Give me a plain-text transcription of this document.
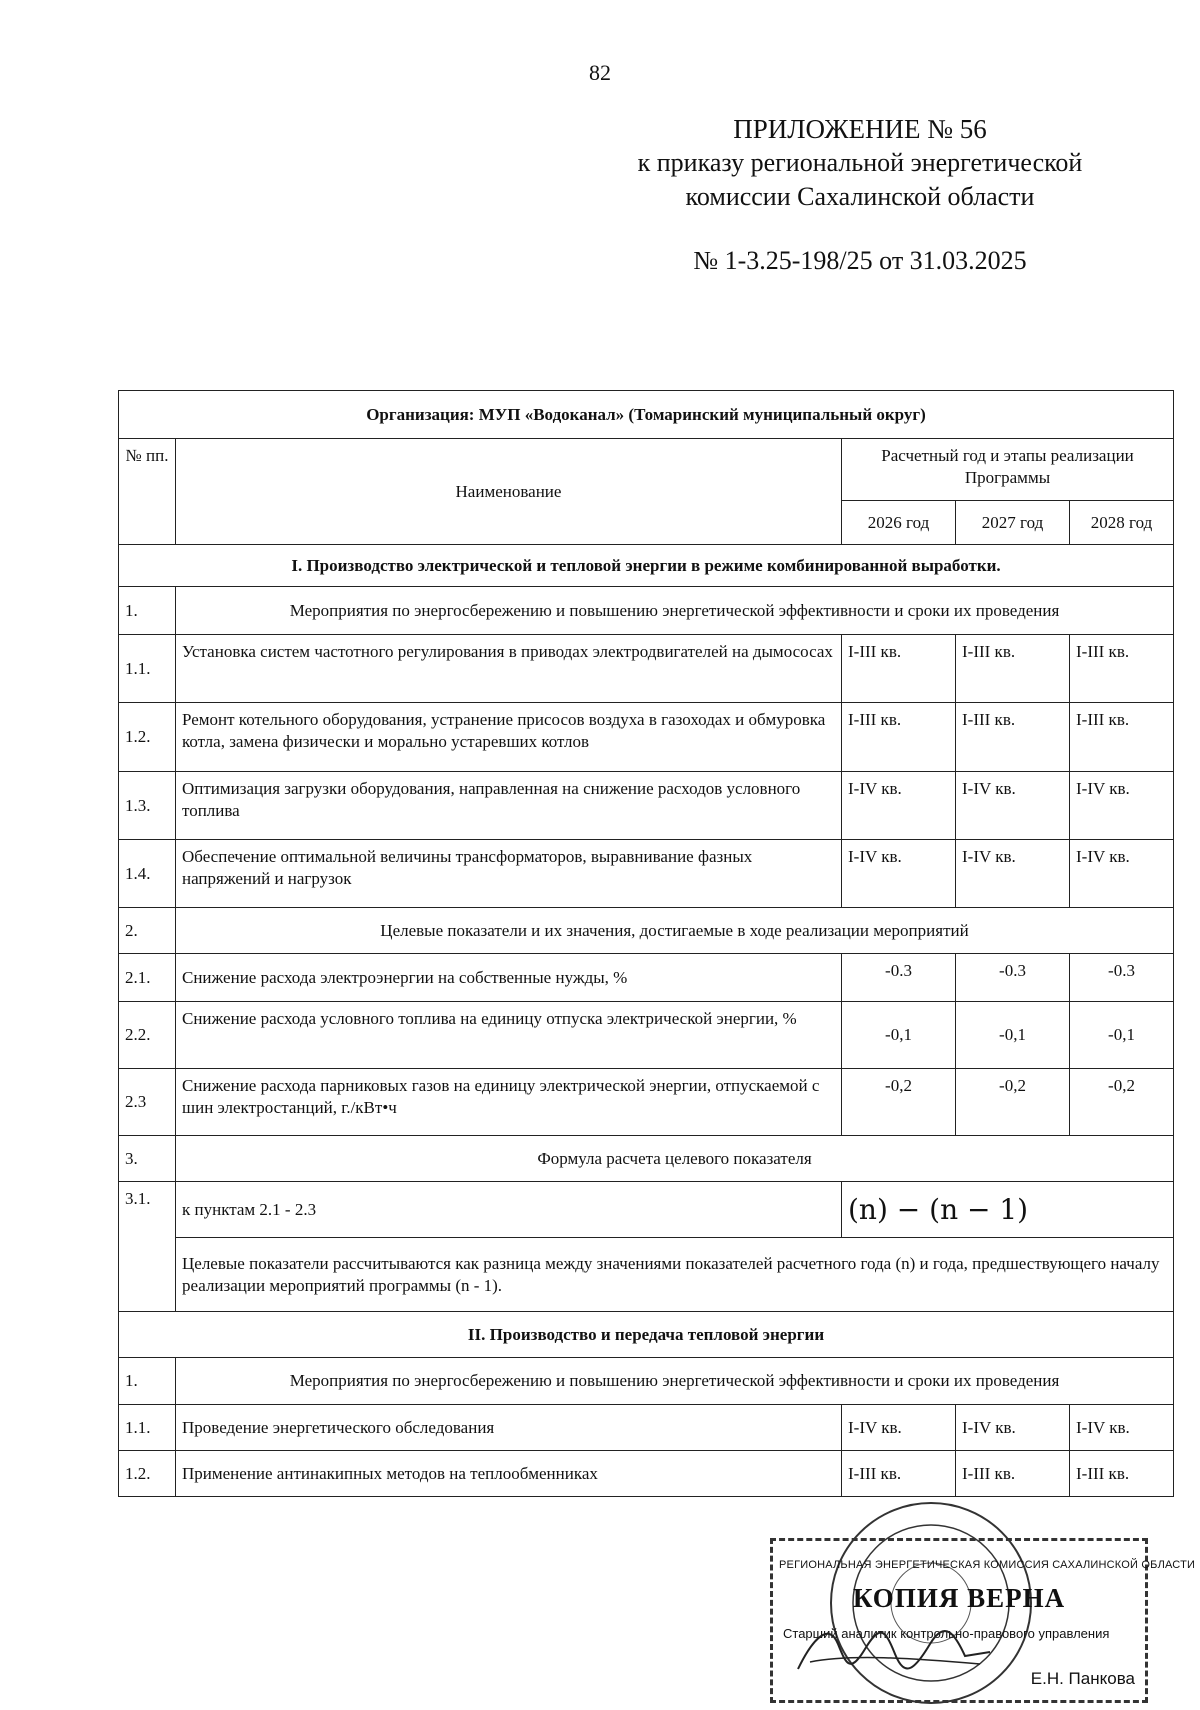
82
ПРИЛОЖЕНИЕ № 56
к приказу региональной энергетической
комиссии Сахалинской области
№ 1-3.25-198/25 от 31.03.2025
Организация: МУП «Водоканал» (Томаринский муниципальный округ)				
№ пп.	Наименование	Расчетный год и этапы реализации Программы		
		2026 год	2027 год	2028 год
I. Производство электрической и тепловой энергии в режиме комбинированной выработки.				
1.	Мероприятия по энергосбережению и повышению энергетической эффективности и сроки их проведения			
1.1.	Установка систем частотного регулирования в приводах электродвигателей на дымососах	I-III кв.	I-III кв.	I-III кв.
1.2.	Ремонт котельного оборудования, устранение присосов воздуха в газоходах и обмуровка котла, замена физически и морально устаревших котлов	I-III кв.	I-III кв.	I-III кв.
1.3.	Оптимизация загрузки оборудования, направленная на снижение расходов условного топлива	I-IV кв.	I-IV кв.	I-IV кв.
1.4.	Обеспечение оптимальной величины трансформаторов, выравнивание фазных напряжений и нагрузок	I-IV кв.	I-IV кв.	I-IV кв.
2.	Целевые показатели и их значения, достигаемые в ходе реализации мероприятий			
2.1.	Снижение расхода электроэнергии на собственные нужды, %	-0.3	-0.3	-0.3
2.2.	Снижение расхода условного топлива на единицу отпуска электрической энергии, %	-0,1	-0,1	-0,1
2.3	Снижение расхода парниковых газов на единицу электрической энергии, отпускаемой с шин электростанций, г./кВт•ч	-0,2	-0,2	-0,2
3.	Формула расчета целевого показателя			
3.1.	к пунктам 2.1 - 2.3	(n) − (n − 1)		
	Целевые показатели рассчитываются как разница между значениями показателей расчетного года (n) и года, предшествующего началу реализации мероприятий программы (n - 1).			
II. Производство и передача тепловой энергии				
1.	Мероприятия по энергосбережению и повышению энергетической эффективности и сроки их проведения			
1.1.	Проведение энергетического обследования	I-IV кв.	I-IV кв.	I-IV кв.
1.2.	Применение антинакипных методов на теплообменниках	I-III кв.	I-III кв.	I-III кв.
РЕГИОНАЛЬНАЯ ЭНЕРГЕТИЧЕСКАЯ КОМИССИЯ САХАЛИНСКОЙ ОБЛАСТИ
КОПИЯ ВЕРНА
Старший аналитик контрольно-правового управления
Е.Н. Панкова
